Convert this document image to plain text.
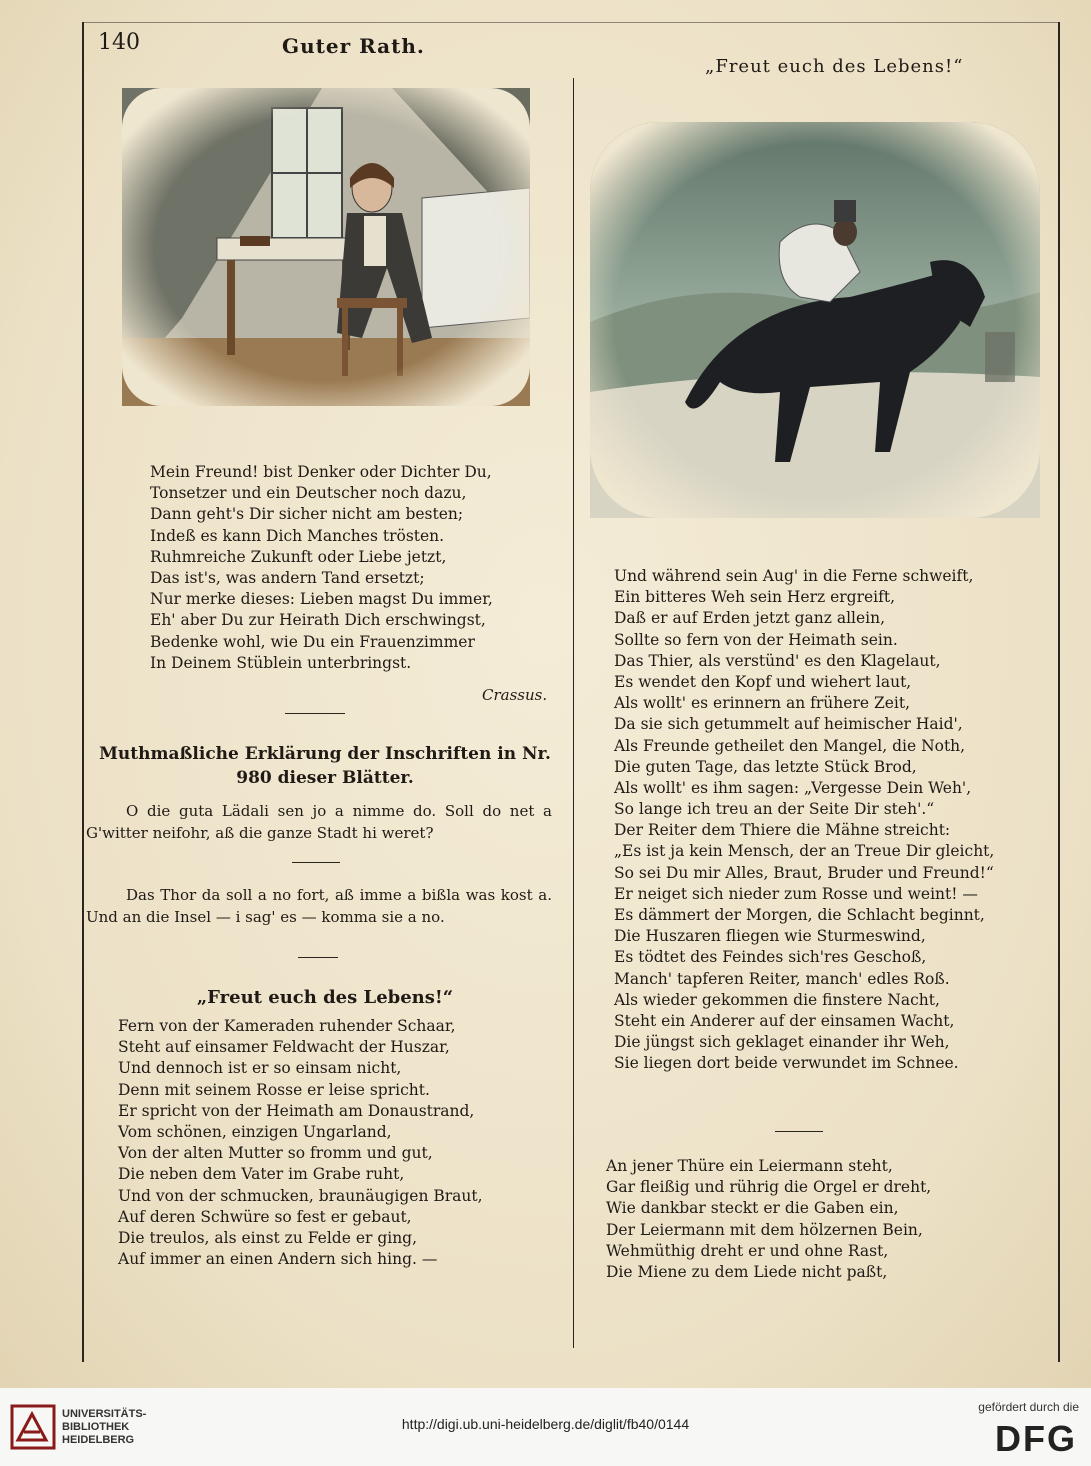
140	Guter Rath.
„Freut euch des Lebens!“
Mein Freund! bist Denker oder Dichter Du,
Tonsetzer und ein Deutscher noch dazu,
Dann geht's Dir sicher nicht am besten;
Indeß es kann Dich Manches trösten.
Ruhmreiche Zukunft oder Liebe jetzt,
Das ist's, was andern Tand ersetzt;
Nur merke dieses: Lieben magst Du immer,
Eh' aber Du zur Heirath Dich erschwingst,
Bedenke wohl, wie Du ein Frauenzimmer
In Deinem Stüblein unterbringst.
Crassus.
Muthmaßliche Erklärung der Inschriften in Nr. 980 dieser Blätter.
O die guta Lädali sen jo a nimme do. Soll do net a G'witter neifohr, aß die ganze Stadt hi weret?
Das Thor da soll a no fort, aß imme a bißla was kost a. Und an die Insel — i sag' es — komma sie a no.
„Freut euch des Lebens!“
Fern von der Kameraden ruhender Schaar,
Steht auf einsamer Feldwacht der Huszar,
Und dennoch ist er so einsam nicht,
Denn mit seinem Rosse er leise spricht.
Er spricht von der Heimath am Donaustrand,
Vom schönen, einzigen Ungarland,
Von der alten Mutter so fromm und gut,
Die neben dem Vater im Grabe ruht,
Und von der schmucken, braunäugigen Braut,
Auf deren Schwüre so fest er gebaut,
Die treulos, als einst zu Felde er ging,
Auf immer an einen Andern sich hing. —
Und während sein Aug' in die Ferne schweift,
Ein bitteres Weh sein Herz ergreift,
Daß er auf Erden jetzt ganz allein,
Sollte so fern von der Heimath sein.
Das Thier, als verstünd' es den Klagelaut,
Es wendet den Kopf und wiehert laut,
Als wollt' es erinnern an frühere Zeit,
Da sie sich getummelt auf heimischer Haid',
Als Freunde getheilet den Mangel, die Noth,
Die guten Tage, das letzte Stück Brod,
Als wollt' es ihm sagen: „Vergesse Dein Weh',
So lange ich treu an der Seite Dir steh'.“
Der Reiter dem Thiere die Mähne streicht:
„Es ist ja kein Mensch, der an Treue Dir gleicht,
So sei Du mir Alles, Braut, Bruder und Freund!“
Er neiget sich nieder zum Rosse und weint! —
Es dämmert der Morgen, die Schlacht beginnt,
Die Huszaren fliegen wie Sturmeswind,
Es tödtet des Feindes sich'res Geschoß,
Manch' tapferen Reiter, manch' edles Roß.
Als wieder gekommen die finstere Nacht,
Steht ein Anderer auf der einsamen Wacht,
Die jüngst sich geklaget einander ihr Weh,
Sie liegen dort beide verwundet im Schnee.
An jener Thüre ein Leiermann steht,
Gar fleißig und rührig die Orgel er dreht,
Wie dankbar steckt er die Gaben ein,
Der Leiermann mit dem hölzernen Bein,
Wehmüthig dreht er und ohne Rast,
Die Miene zu dem Liede nicht paßt,
UNIVERSITÄTS-
BIBLIOTHEK
HEIDELBERG
http://digi.ub.uni-heidelberg.de/diglit/fb40/0144
gefördert durch die
DFG
